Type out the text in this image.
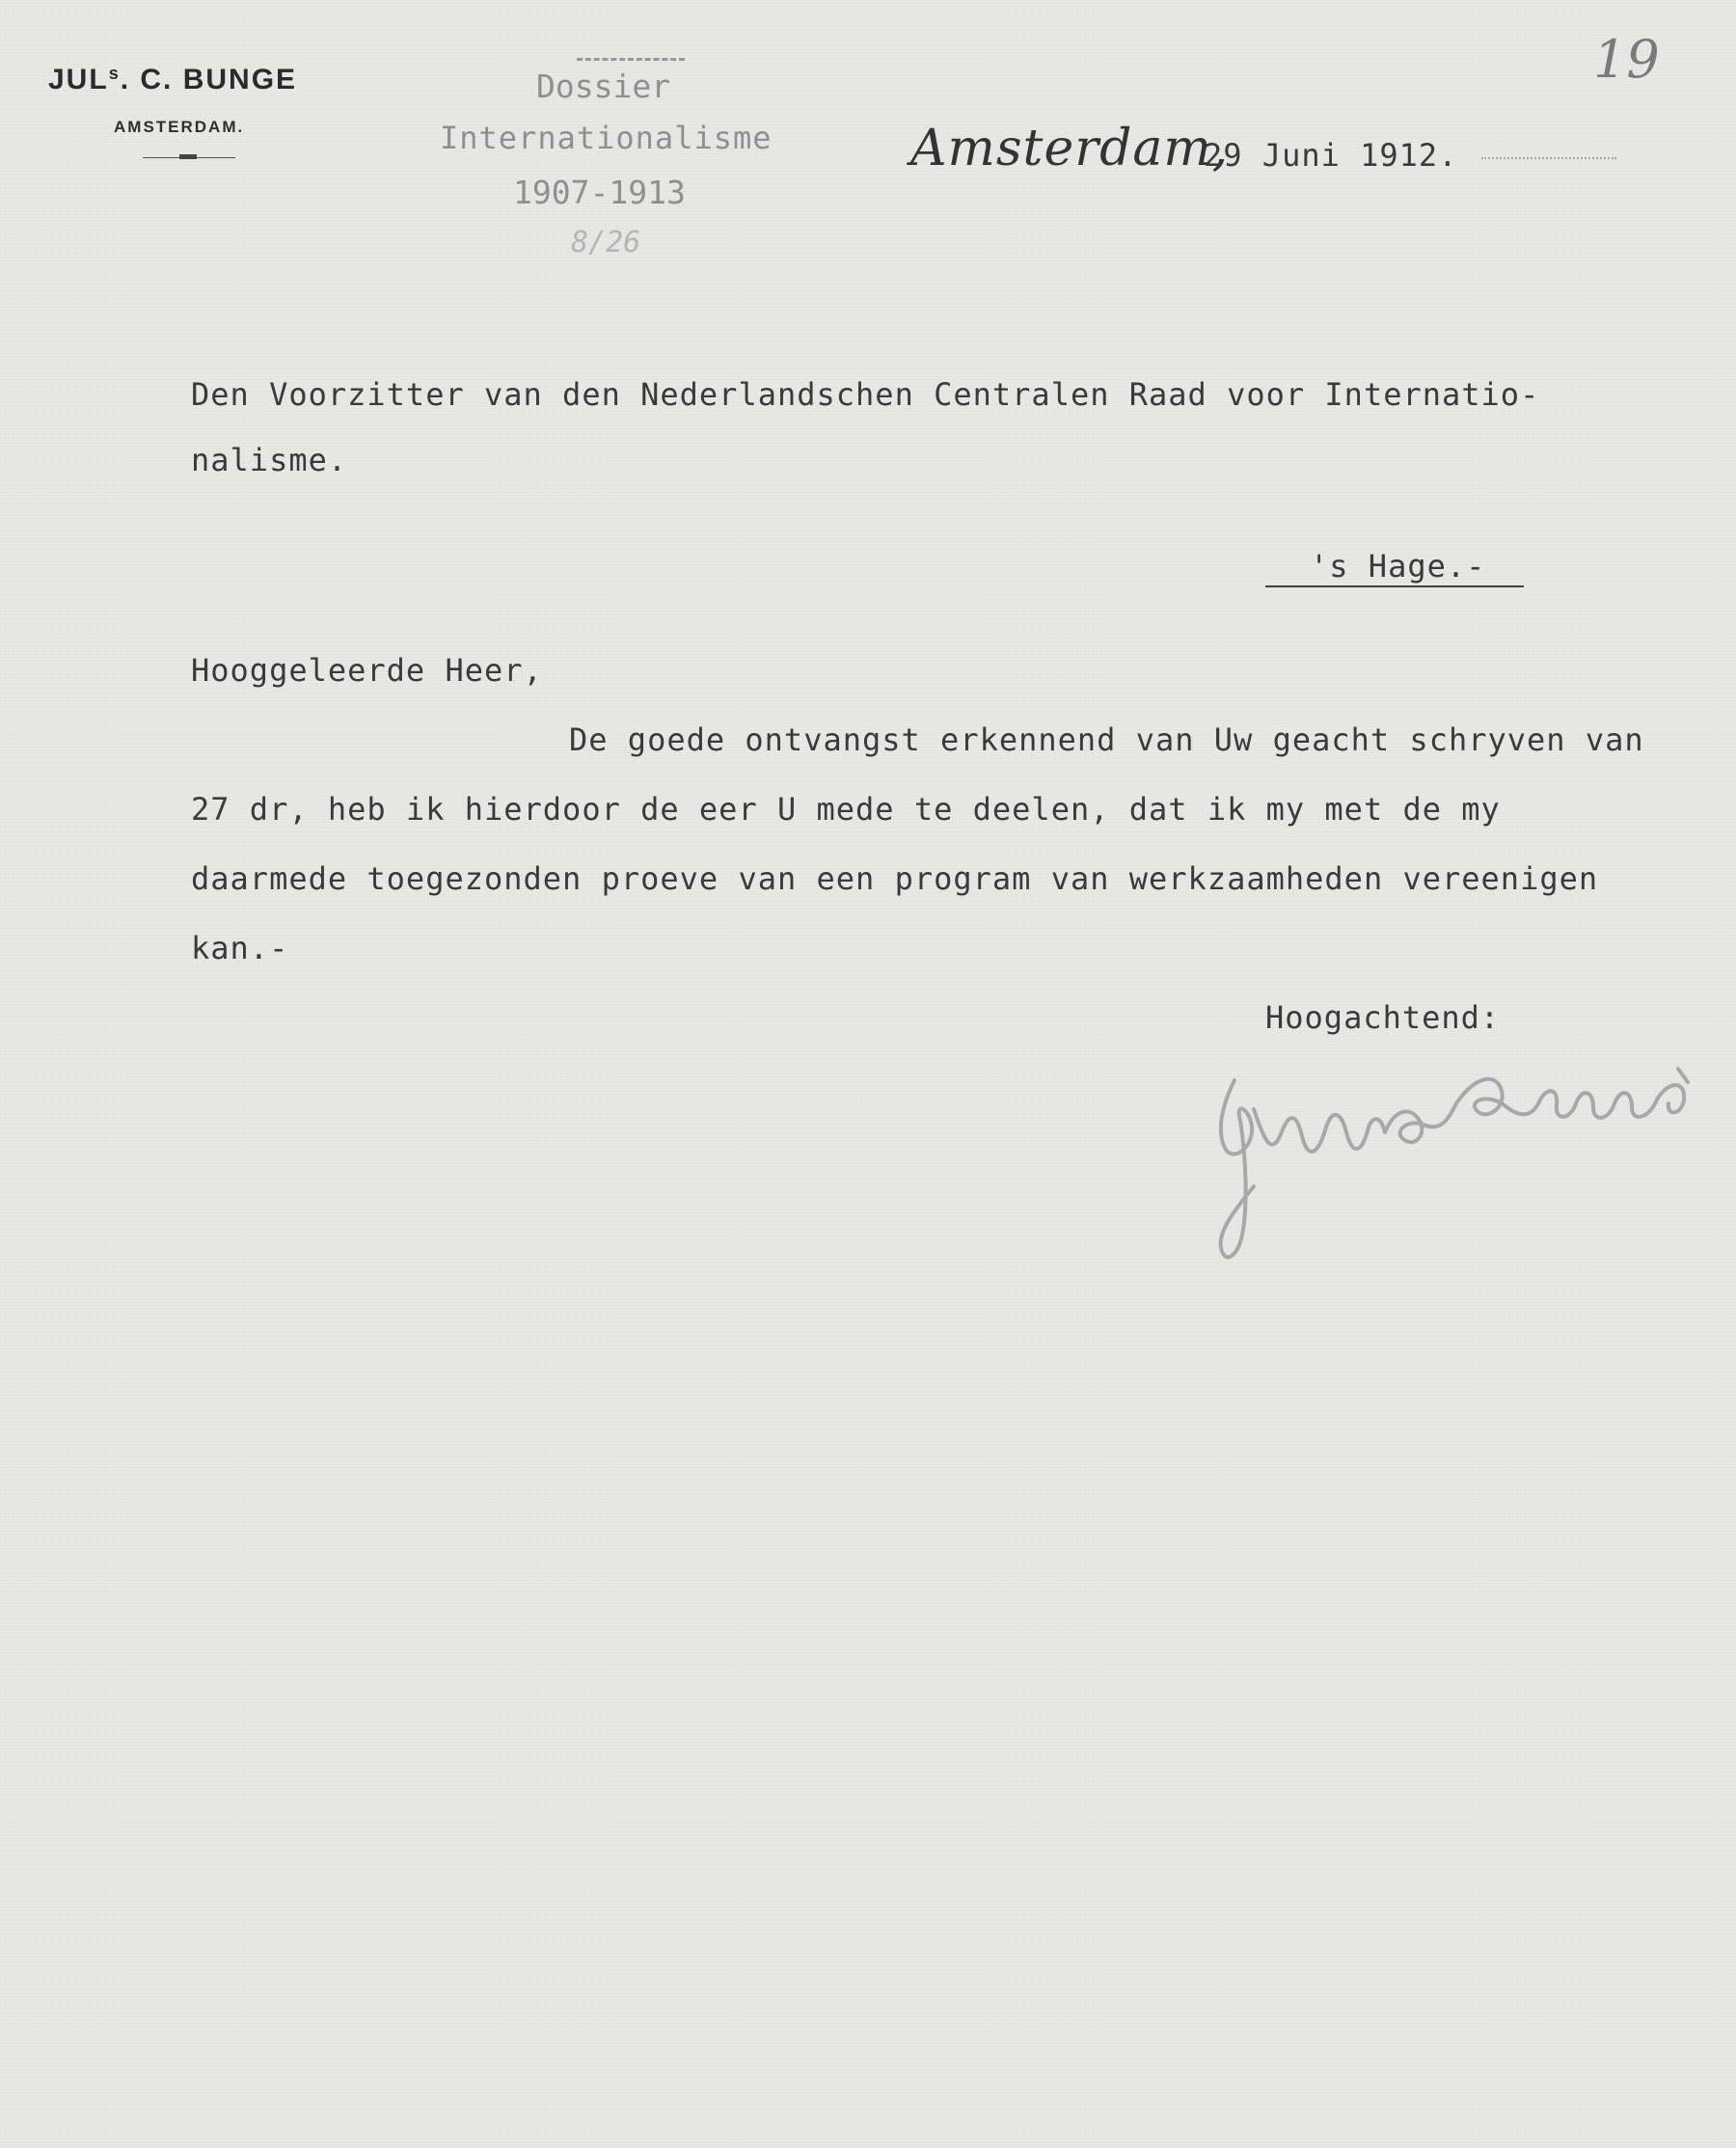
JUL$^s$. C. BUNGE
AMSTERDAM.
Dossier
Internationalisme
1907-1913
8/26
19
Amsterdam,
29 Juni 1912.
Den Voorzitter van den Nederlandschen Centralen Raad voor Internatio-
nalisme.
's Hage.-
Hooggeleerde Heer,
De goede ontvangst erkennend van Uw geacht schryven van
27 dr, heb ik hierdoor de eer U mede te deelen, dat ik my met de my
daarmede toegezonden proeve van een program van werkzaamheden vereenigen
kan.-
Hoogachtend:
